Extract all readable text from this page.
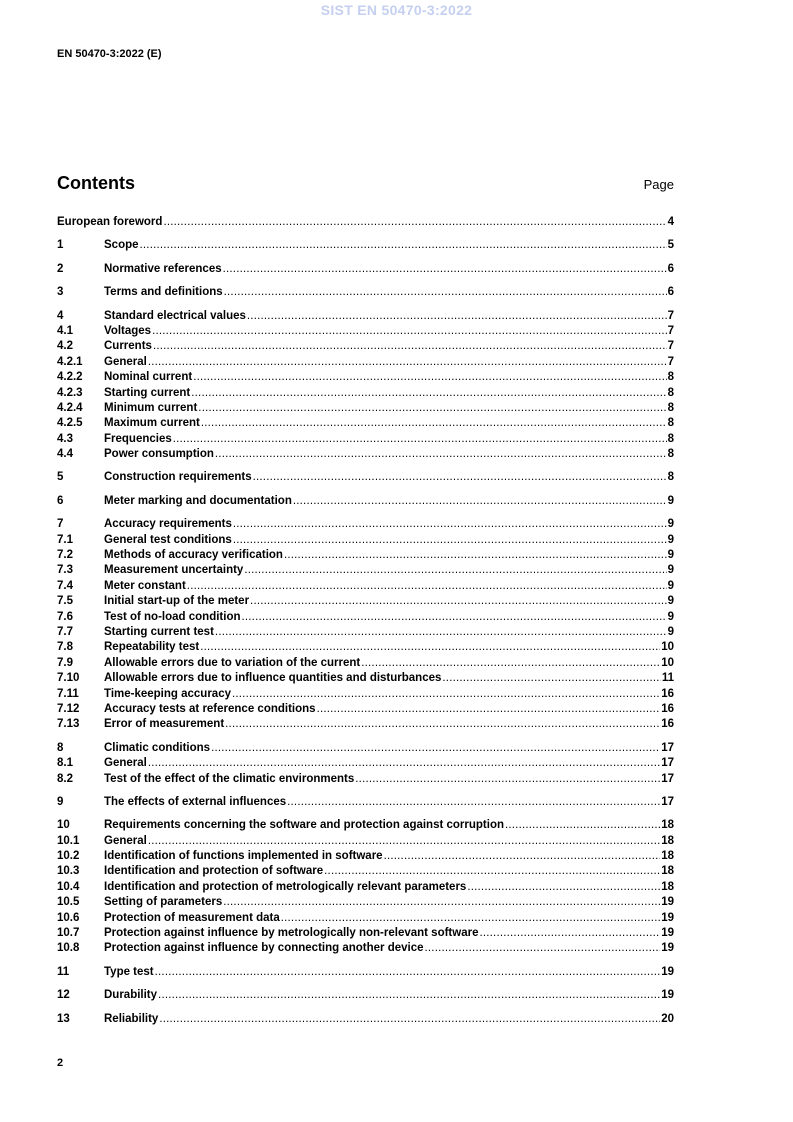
SIST EN 50470-3:2022
EN 50470-3:2022 (E)
Contents	Page
European foreword .....	4
1	Scope .....	5
2	Normative references .....	6
3	Terms and definitions .....	6
4	Standard electrical values .....	7
4.1	Voltages .....	7
4.2	Currents .....	7
4.2.1	General .....	7
4.2.2	Nominal current .....	8
4.2.3	Starting current .....	8
4.2.4	Minimum current .....	8
4.2.5	Maximum current .....	8
4.3	Frequencies .....	8
4.4	Power consumption .....	8
5	Construction requirements .....	8
6	Meter marking and documentation .....	9
7	Accuracy requirements .....	9
7.1	General test conditions .....	9
7.2	Methods of accuracy verification .....	9
7.3	Measurement uncertainty .....	9
7.4	Meter constant .....	9
7.5	Initial start-up of the meter .....	9
7.6	Test of no-load condition .....	9
7.7	Starting current test .....	9
7.8	Repeatability test .....	10
7.9	Allowable errors due to variation of the current .....	10
7.10	Allowable errors due to influence quantities and disturbances .....	11
7.11	Time-keeping accuracy .....	16
7.12	Accuracy tests at reference conditions .....	16
7.13	Error of measurement .....	16
8	Climatic conditions .....	17
8.1	General .....	17
8.2	Test of the effect of the climatic environments .....	17
9	The effects of external influences .....	17
10	Requirements concerning the software and protection against corruption .....	18
10.1	General .....	18
10.2	Identification of functions implemented in software .....	18
10.3	Identification and protection of software .....	18
10.4	Identification and protection of metrologically relevant parameters .....	18
10.5	Setting of parameters .....	19
10.6	Protection of measurement data .....	19
10.7	Protection against influence by metrologically non-relevant software .....	19
10.8	Protection against influence by connecting another device .....	19
11	Type test .....	19
12	Durability .....	19
13	Reliability .....	20
2
